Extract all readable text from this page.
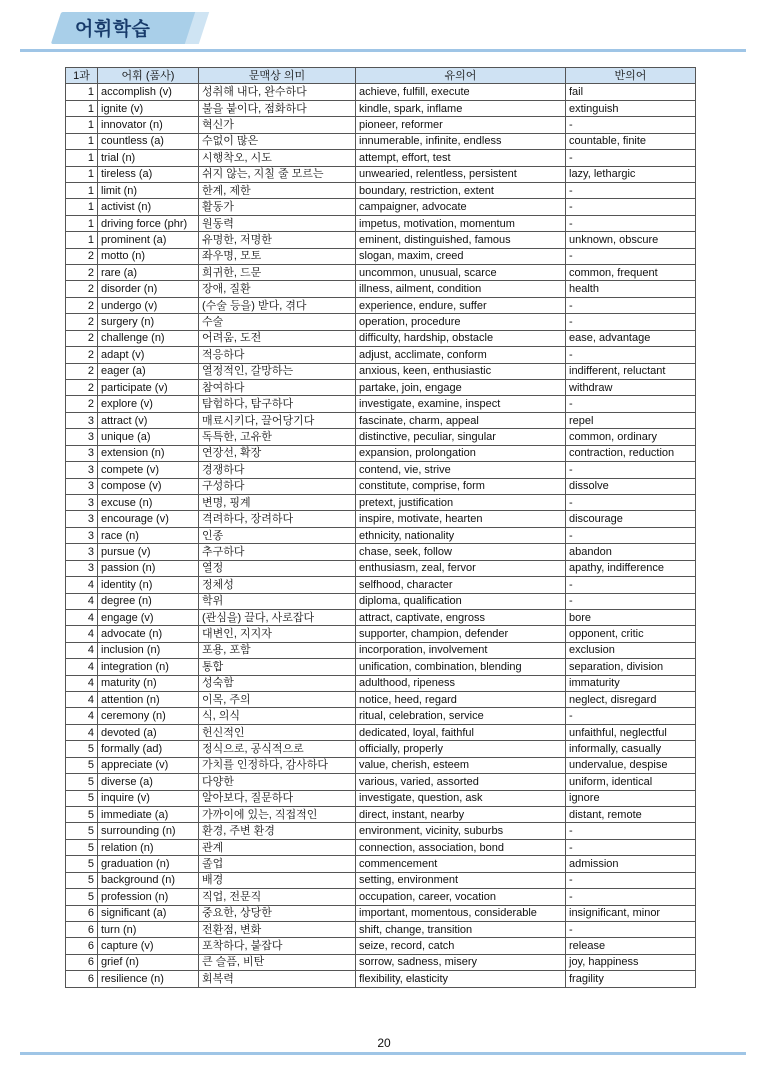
어휘학습
1과	어휘 (품사)	문맥상 의미	유의어	반의어
1	accomplish (v)	성취해 내다, 완수하다	achieve, fulfill, execute	fail
1	ignite (v)	불을 붙이다, 점화하다	kindle, spark, inflame	extinguish
1	innovator (n)	혁신가	pioneer, reformer	-
1	countless (a)	수없이 많은	innumerable, infinite, endless	countable, finite
1	trial (n)	시행착오, 시도	attempt, effort, test	-
1	tireless (a)	쉬지 않는, 지칠 줄 모르는	unwearied, relentless, persistent	lazy, lethargic
1	limit (n)	한계, 제한	boundary, restriction, extent	-
1	activist (n)	활동가	campaigner, advocate	-
1	driving force (phr)	원동력	impetus, motivation, momentum	-
1	prominent (a)	유명한, 저명한	eminent, distinguished, famous	unknown, obscure
2	motto (n)	좌우명, 모토	slogan, maxim, creed	-
2	rare (a)	희귀한, 드문	uncommon, unusual, scarce	common, frequent
2	disorder (n)	장애, 질환	illness, ailment, condition	health
2	undergo (v)	(수술 등을) 받다, 겪다	experience, endure, suffer	-
2	surgery (n)	수술	operation, procedure	-
2	challenge (n)	어려움, 도전	difficulty, hardship, obstacle	ease, advantage
2	adapt (v)	적응하다	adjust, acclimate, conform	-
2	eager (a)	열정적인, 갈망하는	anxious, keen, enthusiastic	indifferent, reluctant
2	participate (v)	참여하다	partake, join, engage	withdraw
2	explore (v)	탐험하다, 탐구하다	investigate, examine, inspect	-
3	attract (v)	매료시키다, 끌어당기다	fascinate, charm, appeal	repel
3	unique (a)	독특한, 고유한	distinctive, peculiar, singular	common, ordinary
3	extension (n)	연장선, 확장	expansion, prolongation	contraction, reduction
3	compete (v)	경쟁하다	contend, vie, strive	-
3	compose (v)	구성하다	constitute, comprise, form	dissolve
3	excuse (n)	변명, 핑계	pretext, justification	-
3	encourage (v)	격려하다, 장려하다	inspire, motivate, hearten	discourage
3	race (n)	인종	ethnicity, nationality	-
3	pursue (v)	추구하다	chase, seek, follow	abandon
3	passion (n)	열정	enthusiasm, zeal, fervor	apathy, indifference
4	identity (n)	정체성	selfhood, character	-
4	degree (n)	학위	diploma, qualification	-
4	engage (v)	(관심을) 끌다, 사로잡다	attract, captivate, engross	bore
4	advocate (n)	대변인, 지지자	supporter, champion, defender	opponent, critic
4	inclusion (n)	포용, 포함	incorporation, involvement	exclusion
4	integration (n)	통합	unification, combination, blending	separation, division
4	maturity (n)	성숙함	adulthood, ripeness	immaturity
4	attention (n)	이목, 주의	notice, heed, regard	neglect, disregard
4	ceremony (n)	식, 의식	ritual, celebration, service	-
4	devoted (a)	헌신적인	dedicated, loyal, faithful	unfaithful, neglectful
5	formally (ad)	정식으로, 공식적으로	officially, properly	informally, casually
5	appreciate (v)	가치를 인정하다, 감사하다	value, cherish, esteem	undervalue, despise
5	diverse (a)	다양한	various, varied, assorted	uniform, identical
5	inquire (v)	알아보다, 질문하다	investigate, question, ask	ignore
5	immediate (a)	가까이에 있는, 직접적인	direct, instant, nearby	distant, remote
5	surrounding (n)	환경, 주변 환경	environment, vicinity, suburbs	-
5	relation (n)	관계	connection, association, bond	-
5	graduation (n)	졸업	commencement	admission
5	background (n)	배경	setting, environment	-
5	profession (n)	직업, 전문직	occupation, career, vocation	-
6	significant (a)	중요한, 상당한	important, momentous, considerable	insignificant, minor
6	turn (n)	전환점, 변화	shift, change, transition	-
6	capture (v)	포착하다, 붙잡다	seize, record, catch	release
6	grief (n)	큰 슬픔, 비탄	sorrow, sadness, misery	joy, happiness
6	resilience (n)	회복력	flexibility, elasticity	fragility
20
